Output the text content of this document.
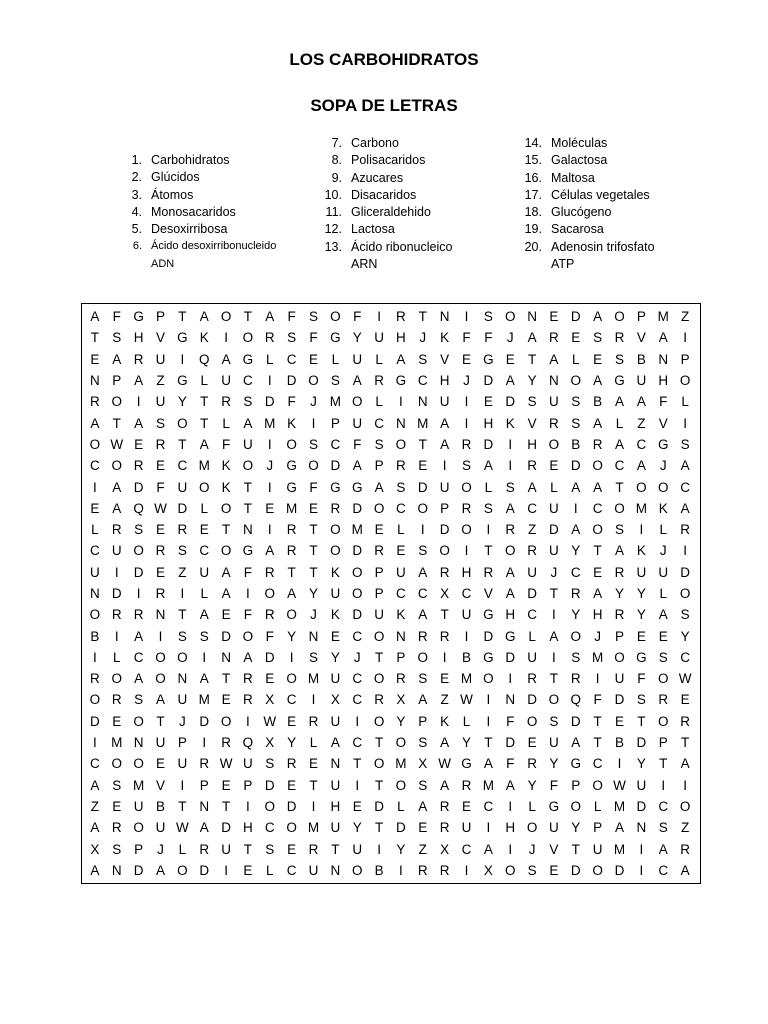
LOS CARBOHIDRATOS
SOPA DE LETRAS
1. Carbohidratos
2. Glúcidos
3. Átomos
4. Monosacaridos
5. Desoxirribosa
6. Ácido desoxirribonucleido
ADN
7. Carbono
8. Polisacaridos
9. Azucares
10. Disacaridos
11. Gliceraldehido
12. Lactosa
13. Ácido ribonucleico
ARN
14. Moléculas
15. Galactosa
16. Maltosa
17. Células vegetales
18. Glucógeno
19. Sacarosa
20. Adenosin trifosfato
ATP
A F G P T A O T A F S O F	I	R T N	I	S O N E D A O P M Z
T S H V G K	I	O R S F G Y U H	J	K F	F	J	A R E S R V A	I
E A R U	I	Q A G L C E	L U L	A S V E G E T A	L	E S B N P
N P A Z G L U C	I	D O S A R G C H	J	D A Y N O A G U H O
R O	I	U Y T R S D F	J M O L	I	N U	I	E D S U S B A A F	L
A T A S O T	L	A M K	I	P U C N M A	I	H K V R S A	L	Z V	I
O W E R T A F U	I	O S C F S O T A R D	I	H O B R A C G S
C O R E C M K O J G O D A P R E	I	S A	I	R E D O C A	J	A
I	A D F U O K T	I	G F G G A S D U O L	S A	L	A A T O O C
E A Q W D L O T E M E R D O C O P R S A C U	I	C O M K A
L R S E R E T N	I	R T O M E	L	I	D O	I	R Z D A O S	I	L R
C U O R S C O G A R T O D R E S O	I	T O R U Y T A K	J	I
U	I	D E Z U A F R T	T K O P U A R H R A U	J	C E R U U D
N D	I	R	I	L	A	I	O A Y U O P C C X C V A D T R A Y Y	L O
O R R N T A E F R O J	K D U K A T U G H C	I	Y H R Y A S
B	I	A	I	S S D O F Y N E C O N R R	I	D G L	A O J	P E E Y
I	L C O O	I	N A D	I	S Y	J	T P O	I	B G D U	I	S M O G S C
R O A O N A T R E O M U C O R S E M O	I	R T R	I	U F O W
O R S A U M E R X C	I	X C R X A Z W	I	N D O Q F D S R E
D E O T	J	D O	I	W E R U	I	O Y P K	L	I	F O S D T E T O R
I	M N U P	I	R Q X Y	L	A C T O S A Y T D E U A T B D P T
C O O E U R W U S R E N T O M X W G A F R Y G C	I	Y T A
A S M V	I	P E P D E T U	I	T O S A R M A Y F P O W U	I	I
Z E U B T N T	I	O D	I	H E D L	A R E C	I	L G O L M D C O
A R O U W A D H C O M U Y T D E R U	I	H O U Y P A N S Z
X S P	J	L R U T S E R T U	I	Y Z X C A	I	J	V T U M	I	A R
A N D A O D	I	E	L C U N O B	I	R R	I	X O S E D O D	I	C A
